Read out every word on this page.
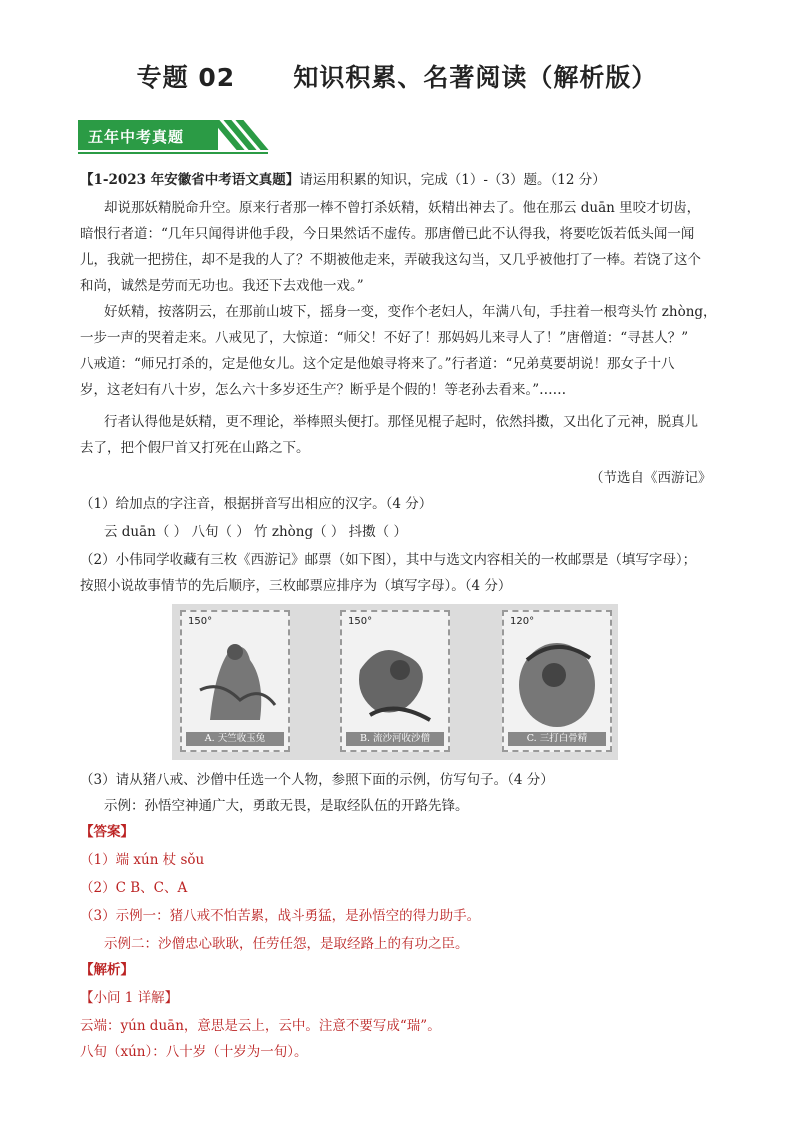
专题 02      知识积累、名著阅读（解析版）
五年中考真题
【1-2023 年安徽省中考语文真题】请运用积累的知识，完成（1）-（3）题。（12 分）
却说那妖精脱命升空。原来行者那一棒不曾打杀妖精，妖精出神去了。他在那云 duān 里咬才切齿，
暗恨行者道：“几年只闻得讲他手段，今日果然话不虚传。那唐僧已此不认得我，将要吃饭若低头闻一闻
儿，我就一把捞住，却不是我的人了？不期被他走来，弄破我这勾当，又几乎被他打了一棒。若饶了这个
和尚，诚然是劳而无功也。我还下去戏他一戏。”
好妖精，按落阴云，在那前山坡下，摇身一变，变作个老妇人，年满八旬，手拄着一根弯头竹 zhòng，
一步一声的哭着走来。八戒见了，大惊道：“师父！不好了！那妈妈儿来寻人了！”唐僧道：“寻甚人？”
八戒道：“师兄打杀的，定是他女儿。这个定是他娘寻将来了。”行者道：“兄弟莫要胡说！那女子十八
岁，这老妇有八十岁，怎么六十多岁还生产？断乎是个假的！等老孙去看来。”……
行者认得他是妖精，更不理论，举棒照头便打。那怪见棍子起时，依然抖擞，又出化了元神，脱真儿
去了，把个假尸首又打死在山路之下。
（节选自《西游记》
（1）给加点的字注音，根据拼音写出相应的汉字。（4 分）
云 duān（ ） 八旬（ ） 竹 zhòng（ ） 抖擞（ ）
（2）小伟同学收藏有三枚《西游记》邮票（如下图），其中与选文内容相关的一枚邮票是（填写字母）；
按照小说故事情节的先后顺序，三枚邮票应排序为（填写字母）。（4 分）
150°
A. 天竺收玉兔
150°
B. 流沙河收沙僧
120°
C. 三打白骨精
（3）请从猪八戒、沙僧中任选一个人物，参照下面的示例，仿写句子。（4 分）
示例：孙悟空神通广大，勇敢无畏，是取经队伍的开路先锋。
【答案】
（1）端 xún 杖 sǒu
（2）C B、C、A
（3）示例一：猪八戒不怕苦累，战斗勇猛，是孙悟空的得力助手。
示例二：沙僧忠心耿耿，任劳任怨，是取经路上的有功之臣。
【解析】
【小问 1 详解】
云端：yún duān，意思是云上，云中。注意不要写成“瑞”。
八旬（xún）：八十岁（十岁为一旬）。
